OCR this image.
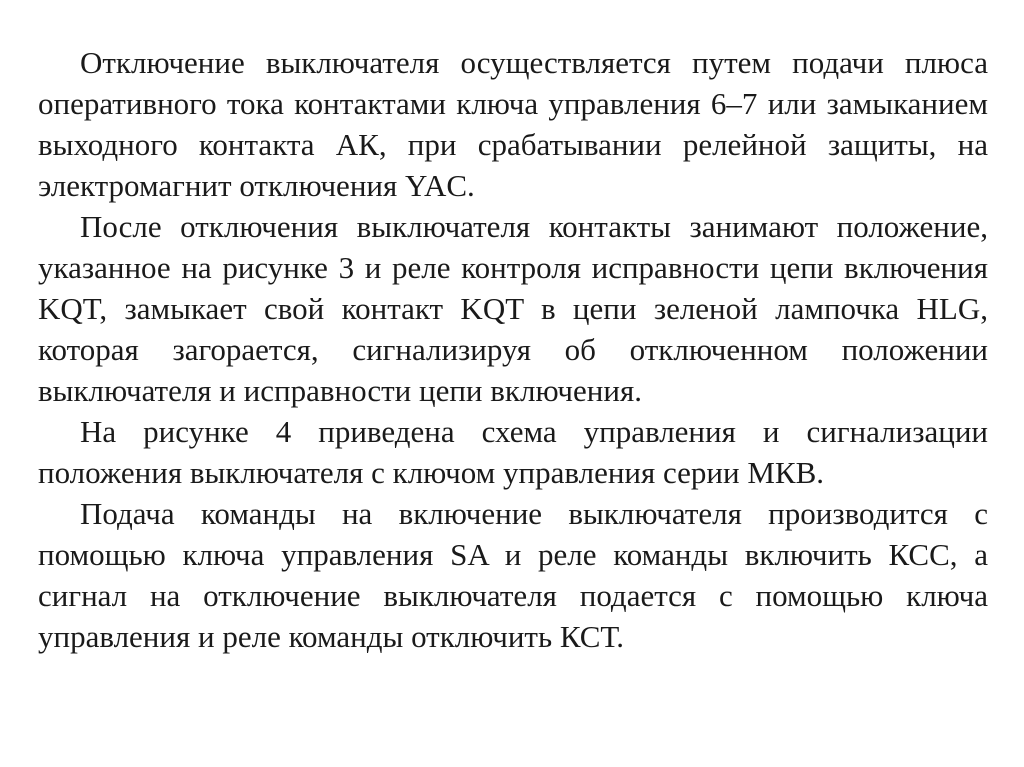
Отключение выключателя осуществляется путем подачи плюса оперативного тока контактами ключа управления 6–7 или замыканием выходного контакта АК, при срабатывании релейной защиты, на электромагнит отключения YAC.

После отключения выключателя контакты занимают положение, указанное на рисунке 3 и реле контроля исправности цепи включения KQT, замыкает свой контакт KQT в цепи зеленой лампочка HLG, которая загорается, сигнализируя об отключенном положении выключателя и исправности цепи включения.

На рисунке 4 приведена схема управления и сигнализации положения выключателя с ключом управления серии МКВ.

Подача команды на включение выключателя производится с помощью ключа управления SA и реле команды включить КСС, а сигнал на отключение выключателя подается с помощью ключа управления и реле команды отключить КСТ.
